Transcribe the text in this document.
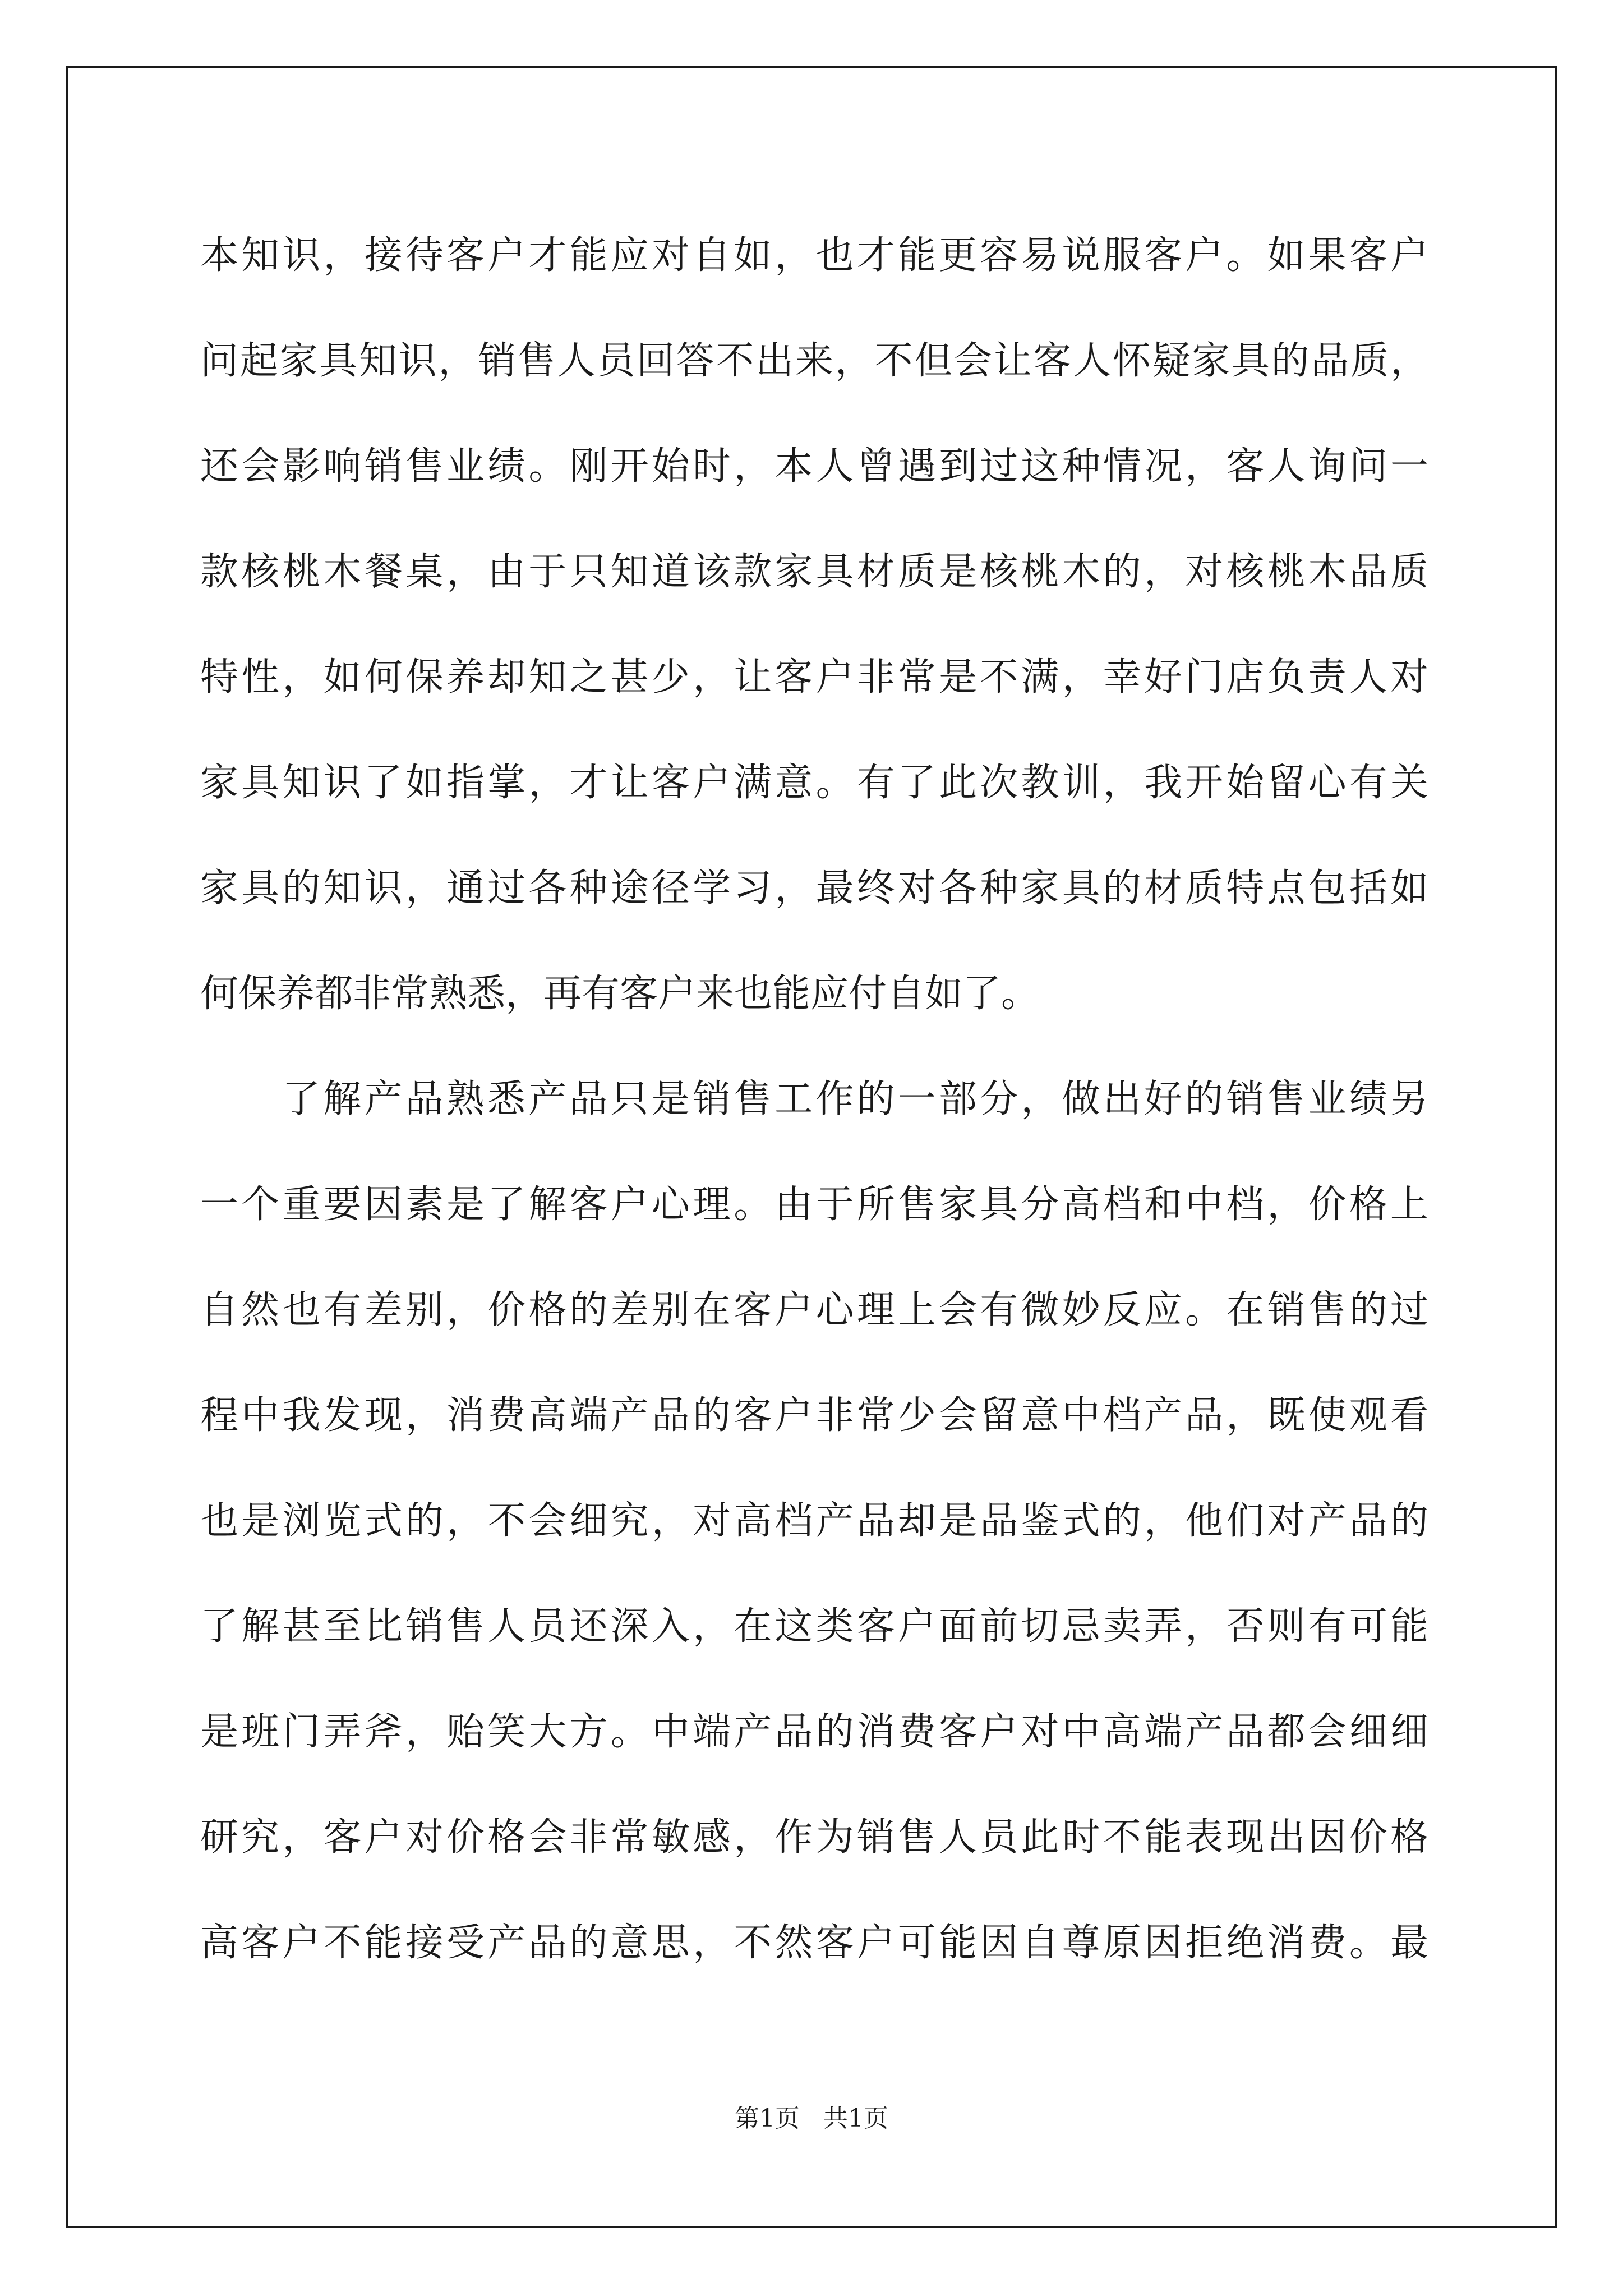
本知识，接待客户才能应对自如，也才能更容易说服客户。如果客户
问起家具知识，销售人员回答不出来，不但会让客人怀疑家具的品质，
还会影响销售业绩。刚开始时，本人曾遇到过这种情况，客人询问一
款核桃木餐桌，由于只知道该款家具材质是核桃木的，对核桃木品质
特性，如何保养却知之甚少，让客户非常是不满，幸好门店负责人对
家具知识了如指掌，才让客户满意。有了此次教训，我开始留心有关
家具的知识，通过各种途径学习，最终对各种家具的材质特点包括如
何保养都非常熟悉，再有客户来也能应付自如了。
了解产品熟悉产品只是销售工作的一部分，做出好的销售业绩另
一个重要因素是了解客户心理。由于所售家具分高档和中档，价格上
自然也有差别，价格的差别在客户心理上会有微妙反应。在销售的过
程中我发现，消费高端产品的客户非常少会留意中档产品，既使观看
也是浏览式的，不会细究，对高档产品却是品鉴式的，他们对产品的
了解甚至比销售人员还深入，在这类客户面前切忌卖弄，否则有可能
是班门弄斧，贻笑大方。中端产品的消费客户对中高端产品都会细细
研究，客户对价格会非常敏感，作为销售人员此时不能表现出因价格
高客户不能接受产品的意思，不然客户可能因自尊原因拒绝消费。最
第1页   共1页
